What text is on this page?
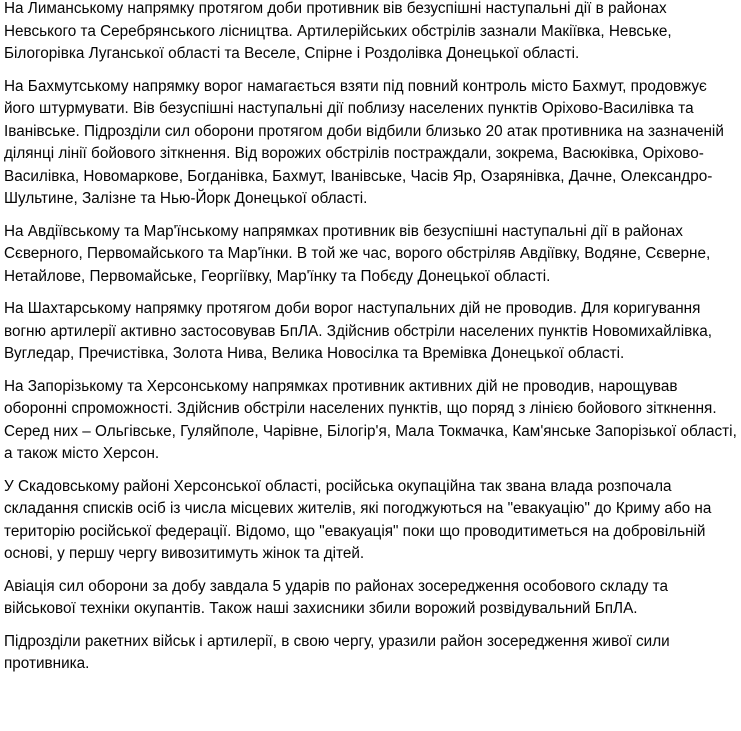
На Лиманському напрямку протягом доби противник вів безуспішні наступальні дії в районах Невського та Серебрянського лісництва. Артилерійських обстрілів зазнали Макіївка, Невське, Білогорівка Луганської області та Веселе, Спірне і Роздолівка Донецької області.

На Бахмутському напрямку ворог намагається взяти під повний контроль місто Бахмут, продовжує його штурмувати. Вів безуспішні наступальні дії поблизу населених пунктів Оріхово-Василівка та Іванівське. Підрозділи сил оборони протягом доби відбили близько 20 атак противника на зазначеній ділянці лінії бойового зіткнення. Від ворожих обстрілів постраждали, зокрема, Васюківка, Оріхово-Василівка, Новомаркове, Богданівка, Бахмут, Іванівське, Часів Яр, Озарянівка, Дачне, Олександро-Шультине, Залізне та Нью-Йорк Донецької області.

На Авдіївському та Мар'їнському напрямках противник вів безуспішні наступальні дії в районах Сєверного, Первомайського та Мар'їнки. В той же час, ворого обстріляв Авдіївку, Водяне, Сєверне, Нетайлове, Первомайське, Георгіївку, Мар'їнку та Побєду Донецької області.

На Шахтарському напрямку протягом доби ворог наступальних дій не проводив. Для коригування вогню артилерії активно застосовував БпЛА. Здійснив обстріли населених пунктів Новомихайлівка, Вугледар, Пречистівка, Золота Нива, Велика Новосілка та Времівка Донецької області.

На Запорізькому та Херсонському напрямках противник активних дій не проводив, нарощував оборонні спроможності. Здійснив обстріли населених пунктів, що поряд з лінією бойового зіткнення. Серед них – Ольгівське, Гуляйполе, Чарівне, Білогір'я, Мала Токмачка, Кам'янське Запорізької області, а також місто Херсон.

У Скадовському районі Херсонської області, російська окупаційна так звана влада розпочала складання списків осіб із числа місцевих жителів, які погоджуються на "евакуацію" до Криму або на територію російської федерації. Відомо, що "евакуація" поки що проводитиметься на добровільній основі, у першу чергу вивозитимуть жінок та дітей.

Авіація сил оборони за добу завдала 5 ударів по районах зосередження особового складу та військової техніки окупантів. Також наші захисники збили ворожий розвідувальний БпЛА.

Підрозділи ракетних військ і артилерії, в свою чергу, уразили район зосередження живої сили противника.
